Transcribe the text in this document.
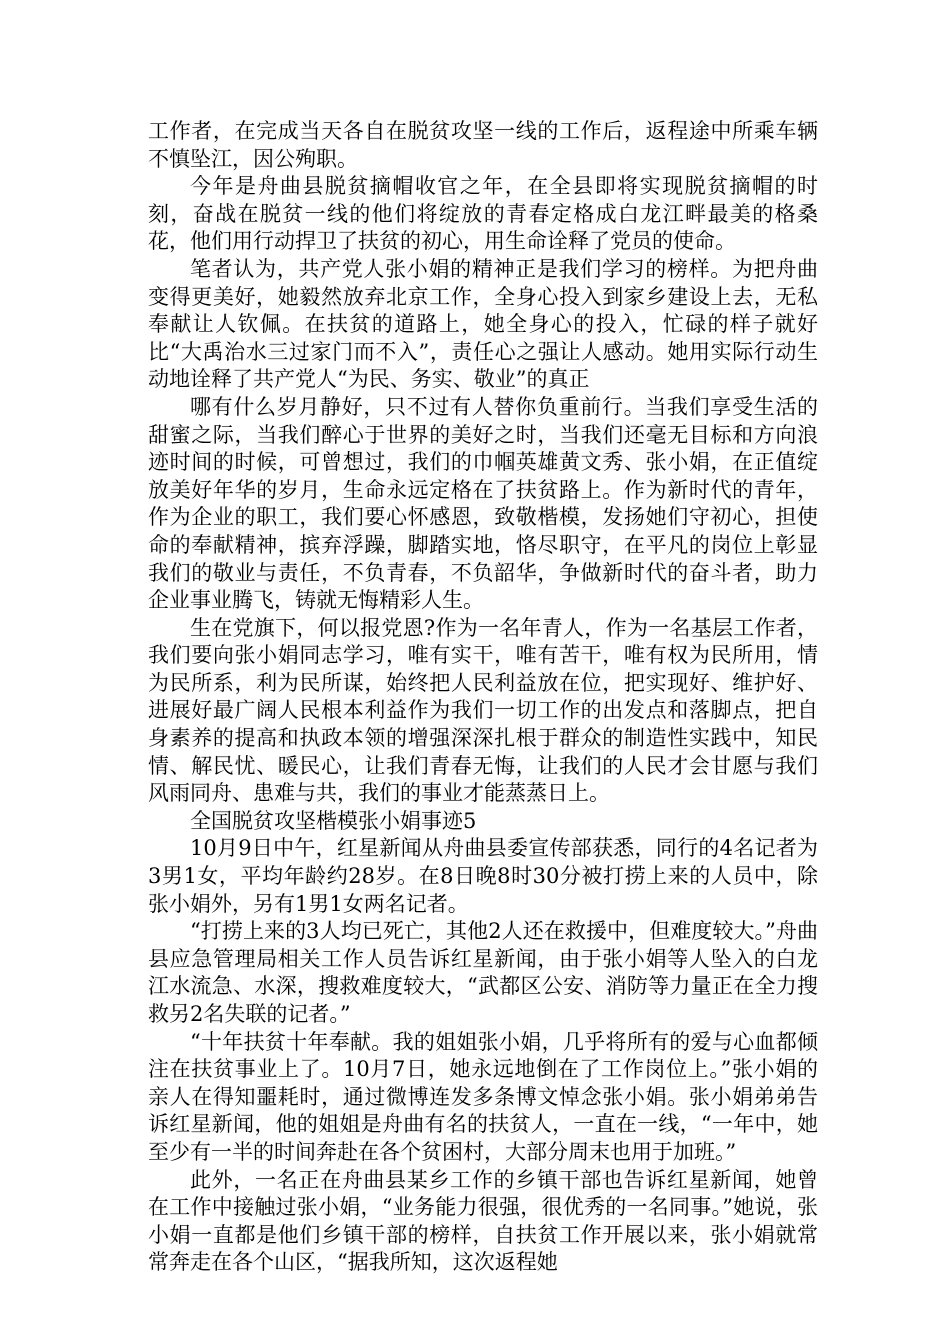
工作者，在完成当天各自在脱贫攻坚一线的工作后，返程途中所乘车辆不慎坠江，因公殉职。

今年是舟曲县脱贫摘帽收官之年，在全县即将实现脱贫摘帽的时刻，奋战在脱贫一线的他们将绽放的青春定格成白龙江畔最美的格桑花，他们用行动捍卫了扶贫的初心，用生命诠释了党员的使命。

笔者认为，共产党人张小娟的精神正是我们学习的榜样。为把舟曲变得更美好，她毅然放弃北京工作，全身心投入到家乡建设上去，无私奉献让人钦佩。在扶贫的道路上，她全身心的投入，忙碌的样子就好比“大禹治水三过家门而不入”，责任心之强让人感动。她用实际行动生动地诠释了共产党人“为民、务实、敬业”的真正

哪有什么岁月静好，只不过有人替你负重前行。当我们享受生活的甜蜜之际，当我们醉心于世界的美好之时，当我们还毫无目标和方向浪迹时间的时候，可曾想过，我们的巾帼英雄黄文秀、张小娟，在正值绽放美好年华的岁月，生命永远定格在了扶贫路上。作为新时代的青年，作为企业的职工，我们要心怀感恩，致敬楷模，发扬她们守初心，担使命的奉献精神，摈弃浮躁，脚踏实地，恪尽职守，在平凡的岗位上彰显我们的敬业与责任，不负青春，不负韶华，争做新时代的奋斗者，助力企业事业腾飞，铸就无悔精彩人生。

生在党旗下，何以报党恩?作为一名年青人，作为一名基层工作者，我们要向张小娟同志学习，唯有实干，唯有苦干，唯有权为民所用，情为民所系，利为民所谋，始终把人民利益放在位，把实现好、维护好、进展好最广阔人民根本利益作为我们一切工作的出发点和落脚点，把自身素养的提高和执政本领的增强深深扎根于群众的制造性实践中，知民情、解民忧、暖民心，让我们青春无悔，让我们的人民才会甘愿与我们风雨同舟、患难与共，我们的事业才能蒸蒸日上。

全国脱贫攻坚楷模张小娟事迹5

10月9日中午，红星新闻从舟曲县委宣传部获悉，同行的4名记者为3男1女，平均年龄约28岁。在8日晚8时30分被打捞上来的人员中，除张小娟外，另有1男1女两名记者。

“打捞上来的3人均已死亡，其他2人还在救援中，但难度较大。”舟曲县应急管理局相关工作人员告诉红星新闻，由于张小娟等人坠入的白龙江水流急、水深，搜救难度较大，“武都区公安、消防等力量正在全力搜救另2名失联的记者。”

“十年扶贫十年奉献。我的姐姐张小娟，几乎将所有的爱与心血都倾注在扶贫事业上了。10月7日，她永远地倒在了工作岗位上。”张小娟的亲人在得知噩耗时，通过微博连发多条博文悼念张小娟。张小娟弟弟告诉红星新闻，他的姐姐是舟曲有名的扶贫人，一直在一线，“一年中，她至少有一半的时间奔赴在各个贫困村，大部分周末也用于加班。”

此外，一名正在舟曲县某乡工作的乡镇干部也告诉红星新闻，她曾在工作中接触过张小娟，“业务能力很强，很优秀的一名同事。”她说，张小娟一直都是他们乡镇干部的榜样，自扶贫工作开展以来，张小娟就常常奔走在各个山区，“据我所知，这次返程她
